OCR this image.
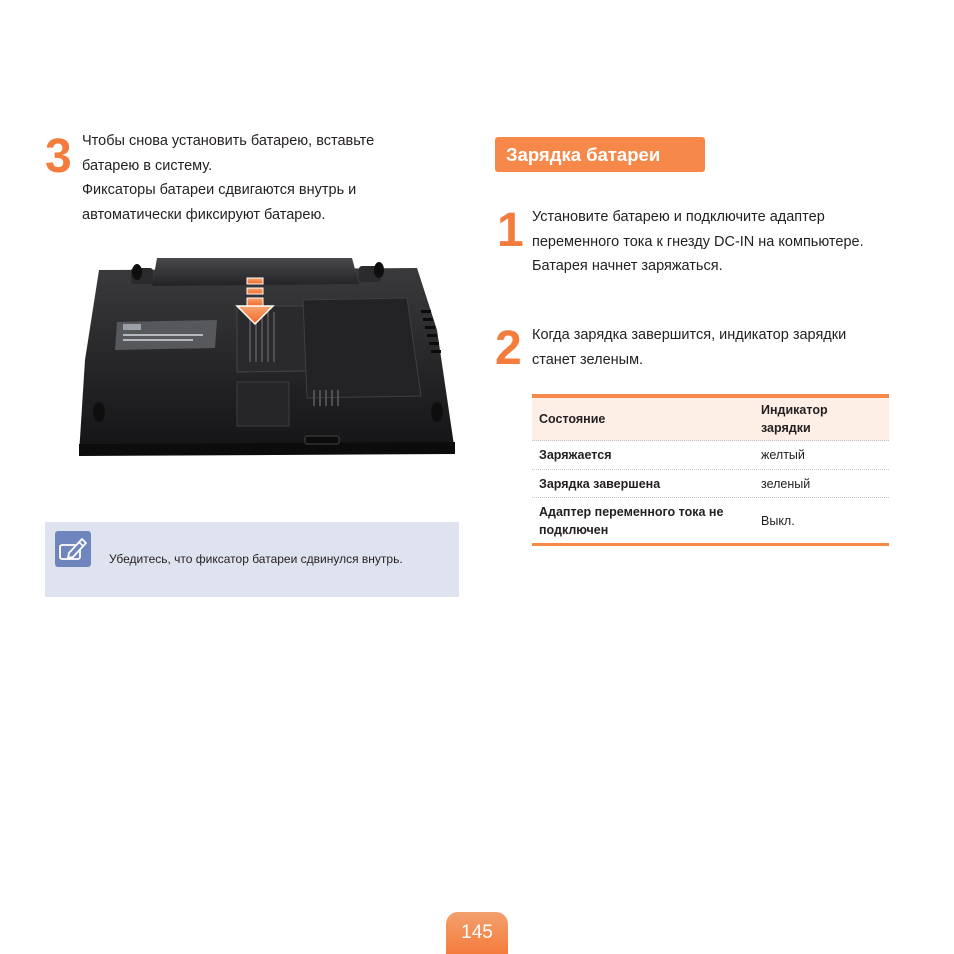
3 Чтобы снова установить батарею, вставьте
батарею в систему.
Фиксаторы батареи сдвигаются внутрь и
автоматически фиксируют батарею.
Убедитесь, что фиксатор батареи сдвинулся внутрь.
Зарядка батареи
1 Установите батарею и подключите адаптер
переменного тока к гнезду DC-IN на компьютере.
Батарея начнет заряжаться.
2 Когда зарядка завершится, индикатор зарядки
станет зеленым.
Состояние
Индикатор
зарядки
Заряжается	желтый
Зарядка завершена	зеленый
Адаптер переменного тока не
подключен
Выкл.
145
